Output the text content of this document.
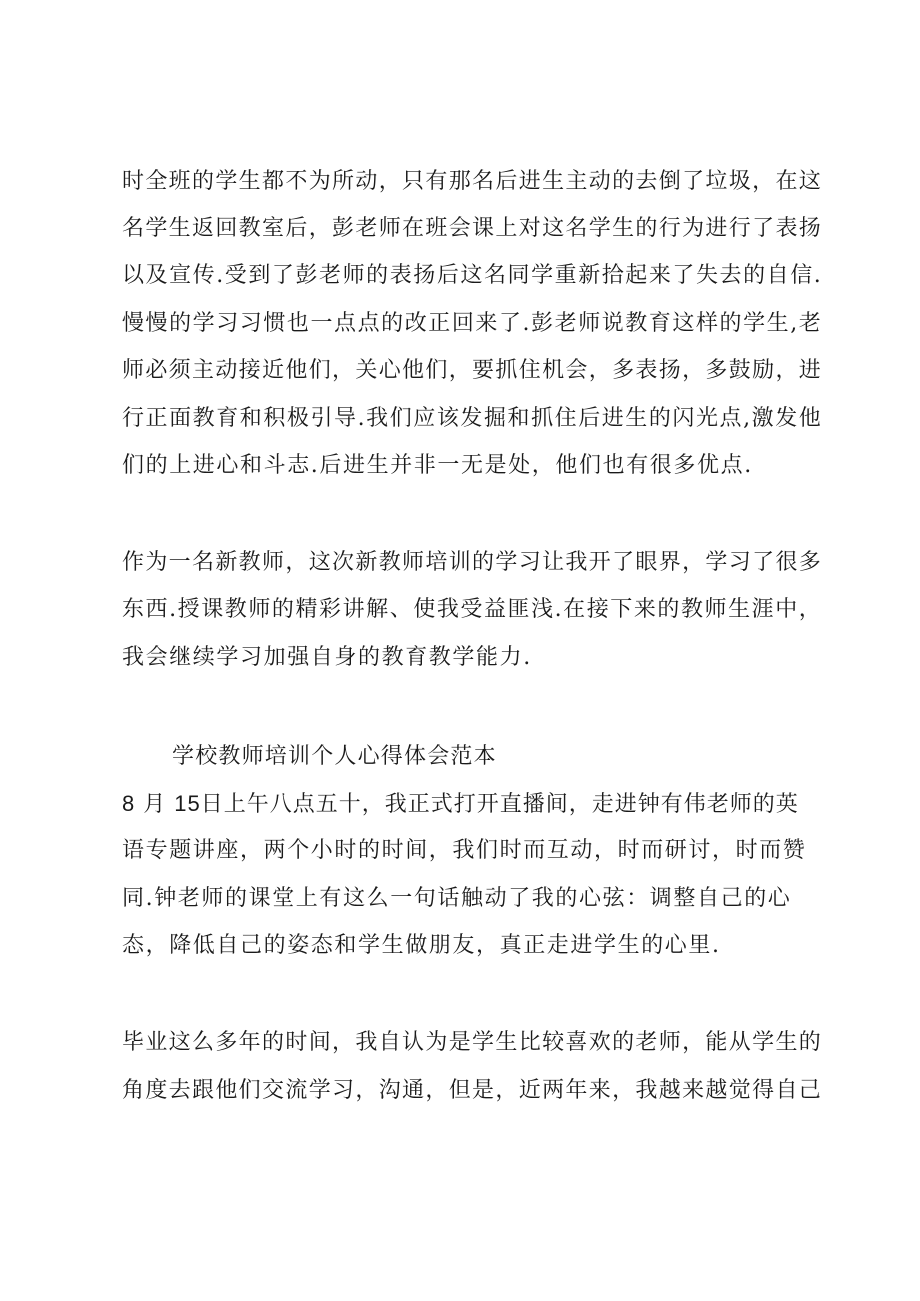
时全班的学生都不为所动，只有那名后进生主动的去倒了垃圾，在这
名学生返回教室后，彭老师在班会课上对这名学生的行为进行了表扬
以及宣传.受到了彭老师的表扬后这名同学重新拾起来了失去的自信.
慢慢的学习习惯也一点点的改正回来了.彭老师说教育这样的学生,老
师必须主动接近他们，关心他们，要抓住机会，多表扬，多鼓励，进
行正面教育和积极引导.我们应该发掘和抓住后进生的闪光点,激发他
们的上进心和斗志.后进生并非一无是处，他们也有很多优点.
作为一名新教师，这次新教师培训的学习让我开了眼界，学习了很多
东西.授课教师的精彩讲解、使我受益匪浅.在接下来的教师生涯中，
我会继续学习加强自身的教育教学能力.
学校教师培训个人心得体会范本
8 月 15日上午八点五十，我正式打开直播间，走进钟有伟老师的英
语专题讲座，两个小时的时间，我们时而互动，时而研讨，时而赞
同.钟老师的课堂上有这么一句话触动了我的心弦：调整自己的心
态，降低自己的姿态和学生做朋友，真正走进学生的心里.
毕业这么多年的时间，我自认为是学生比较喜欢的老师，能从学生的
角度去跟他们交流学习，沟通，但是，近两年来，我越来越觉得自己
